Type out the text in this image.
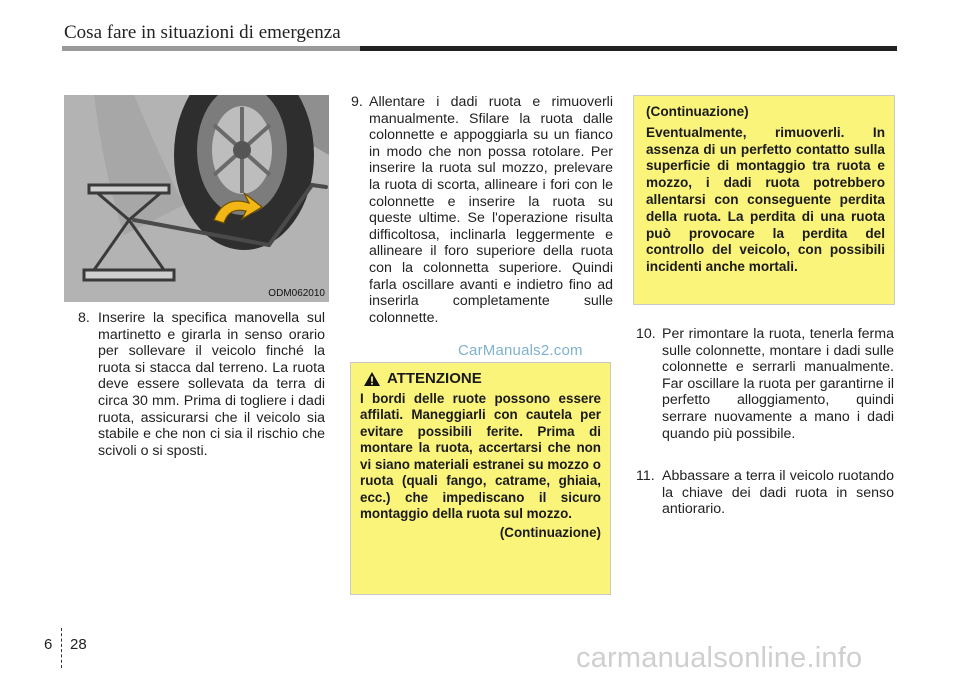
Cosa fare in situazioni di emergenza
ODM062010
8. Inserire la specifica manovella sul martinetto e girarla in senso orario per sollevare il veicolo finché la ruota si stacca dal terreno. La ruota deve essere sollevata da terra di circa 30 mm. Prima di togliere i dadi ruota, assicurarsi che il veicolo sia stabile e che non ci sia il rischio che scivoli o si sposti.
9. Allentare i dadi ruota e rimuoverli manualmente. Sfilare la ruota dalle colonnette e appoggiarla su un fianco in modo che non possa rotolare. Per inserire la ruota sul mozzo, prelevare la ruota di scorta, allineare i fori con le colonnette e inserire la ruota su queste ultime. Se l'operazione risulta difficoltosa, inclinarla leggermente e allineare il foro superiore della ruota con la colonnetta superiore. Quindi farla oscillare avanti e indietro fino ad inserirla completamente sulle colonnette.
(Continuazione)
Eventualmente, rimuoverli. In assenza di un perfetto contatto sulla superficie di montaggio tra ruota e mozzo, i dadi ruota potrebbero allentarsi con conseguente perdita della ruota. La perdita di una ruota può provocare la perdita del controllo del veicolo, con possibili incidenti anche mortali.
10. Per rimontare la ruota, tenerla ferma sulle colonnette, montare i dadi sulle colonnette e serrarli manualmente. Far oscillare la ruota per garantirne il perfetto alloggiamento, quindi serrare nuovamente a mano i dadi quando più possibile.
11. Abbassare a terra il veicolo ruotando la chiave dei dadi ruota in senso antiorario.
ATTENZIONE
I bordi delle ruote possono essere affilati. Maneggiarli con cautela per evitare possibili ferite. Prima di montare la ruota, accertarsi che non vi siano materiali estranei su mozzo o ruota (quali fango, catrame, ghiaia, ecc.) che impediscano il sicuro montaggio della ruota sul mozzo.
(Continuazione)
CarManuals2.com
carmanualsonline.info
6 28
